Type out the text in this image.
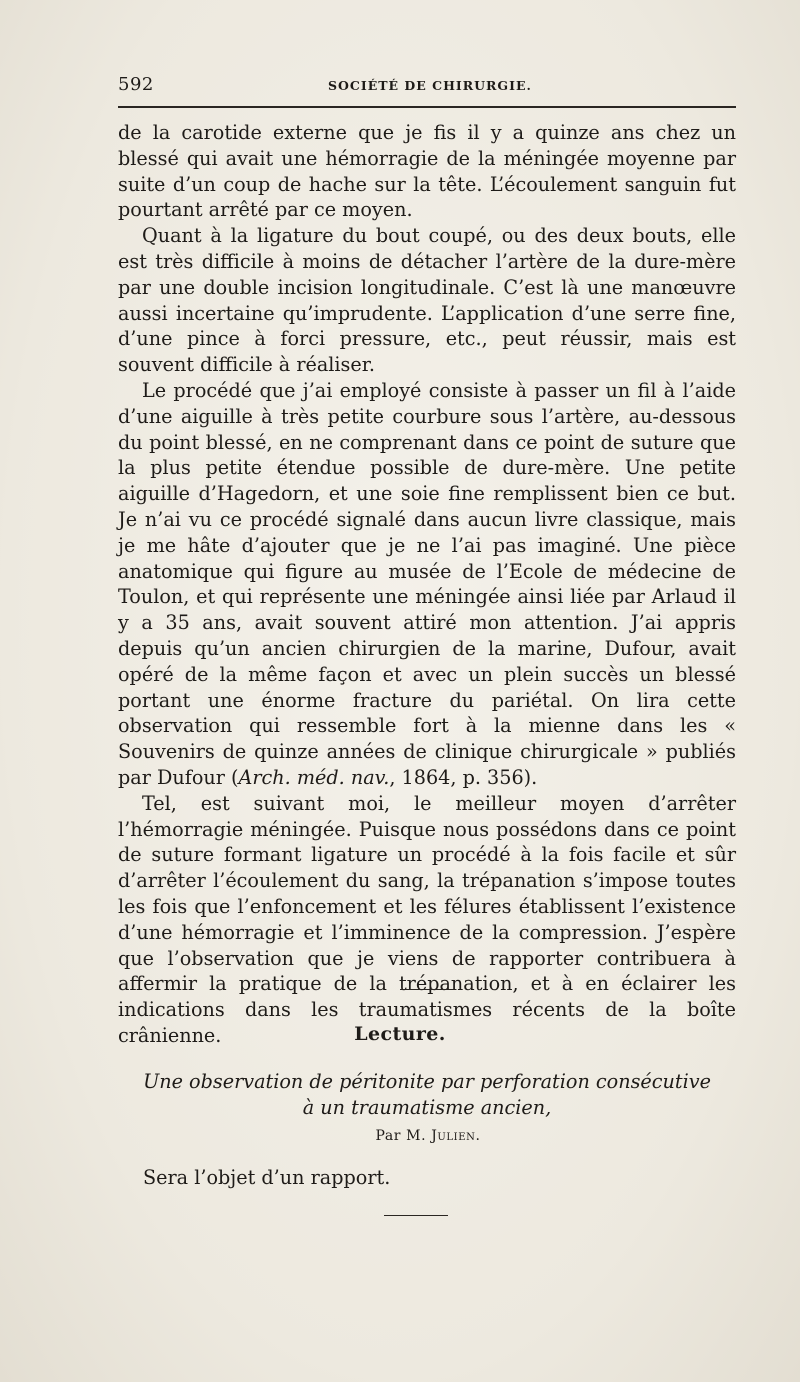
592	SOCIÉTÉ DE CHIRURGIE.

de la carotide externe que je fis il y a quinze ans chez un blessé qui avait une hémorragie de la méningée moyenne par suite d’un coup de hache sur la tête. L’écoulement sanguin fut pourtant arrêté par ce moyen.

Quant à la ligature du bout coupé, ou des deux bouts, elle est très difficile à moins de détacher l’artère de la dure-mère par une double incision longitudinale. C’est là une manœuvre aussi incertaine qu’imprudente. L’application d’une serre fine, d’une pince à forci pressure, etc., peut réussir, mais est souvent difficile à réaliser.

Le procédé que j’ai employé consiste à passer un fil à l’aide d’une aiguille à très petite courbure sous l’artère, au-dessous du point blessé, en ne comprenant dans ce point de suture que la plus petite étendue possible de dure-mère. Une petite aiguille d’Hagedorn, et une soie fine remplissent bien ce but. Je n’ai vu ce procédé signalé dans aucun livre classique, mais je me hâte d’ajouter que je ne l’ai pas imaginé. Une pièce anatomique qui figure au musée de l’Ecole de médecine de Toulon, et qui représente une méningée ainsi liée par Arlaud il y a 35 ans, avait souvent attiré mon attention. J’ai appris depuis qu’un ancien chirurgien de la marine, Dufour, avait opéré de la même façon et avec un plein succès un blessé portant une énorme fracture du pariétal. On lira cette observation qui ressemble fort à la mienne dans les « Souvenirs de quinze années de clinique chirurgicale » publiés par Dufour (Arch. méd. nav., 1864, p. 356).

Tel, est suivant moi, le meilleur moyen d’arrêter l’hémorragie méningée. Puisque nous possédons dans ce point de suture formant ligature un procédé à la fois facile et sûr d’arrêter l’écoulement du sang, la trépanation s’impose toutes les fois que l’enfoncement et les félures établissent l’existence d’une hémorragie et l’imminence de la compression. J’espère que l’observation que je viens de rapporter contribuera à affermir la pratique de la trépanation, et à en éclairer les indications dans les traumatismes récents de la boîte crânienne.	Lecture.
Une observation de péritonite par perforation consécutive
à un traumatisme ancien,
Par M. Julien.
Sera l’objet d’un rapport.
